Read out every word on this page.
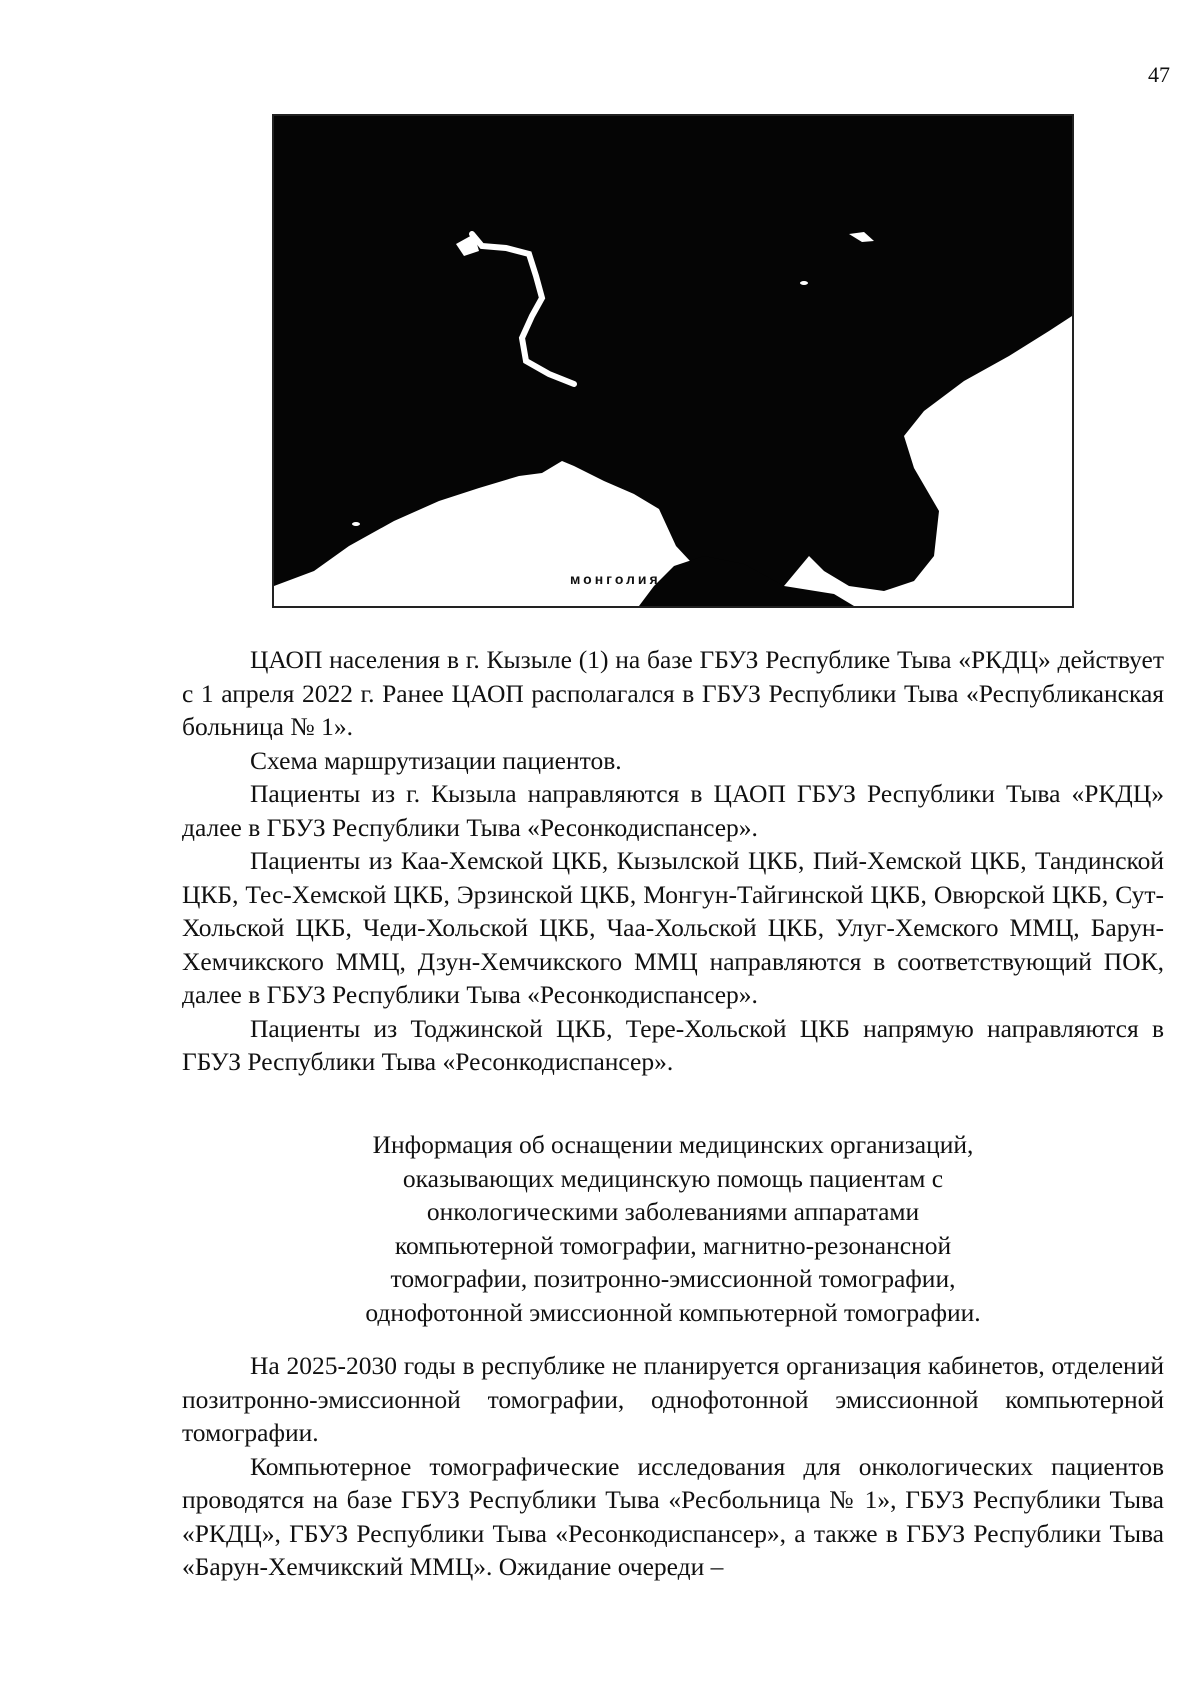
47
монголия

ЦАОП населения в г. Кызыле (1) на базе ГБУЗ Республике Тыва «РКДЦ» действует с 1 апреля 2022 г. Ранее ЦАОП располагался в ГБУЗ Республики Тыва «Республиканская больница № 1».

Схема маршрутизации пациентов.

Пациенты из г. Кызыла направляются в ЦАОП ГБУЗ Республики Тыва «РКДЦ» далее в ГБУЗ Республики Тыва «Ресонкодиспансер».

Пациенты из Каа-Хемской ЦКБ, Кызылской ЦКБ, Пий-Хемской ЦКБ, Тандинской ЦКБ, Тес-Хемской ЦКБ, Эрзинской ЦКБ, Монгун-Тайгинской ЦКБ, Овюрской ЦКБ, Сут-Хольской ЦКБ, Чеди-Хольской ЦКБ, Чаа-Хольской ЦКБ, Улуг-Хемского ММЦ, Барун-Хемчикского ММЦ, Дзун-Хемчикского ММЦ направляются в соответствующий ПОК, далее в ГБУЗ Республики Тыва «Ресонкодиспансер».

Пациенты из Тоджинской ЦКБ, Тере-Хольской ЦКБ напрямую направляются в ГБУЗ Республики Тыва «Ресонкодиспансер».

Информация об оснащении медицинских организаций,
оказывающих медицинскую помощь пациентам с
онкологическими заболеваниями аппаратами
компьютерной томографии, магнитно-резонансной
томографии, позитронно-эмиссионной томографии,
однофотонной эмиссионной компьютерной томографии.

На 2025-2030 годы в республике не планируется организация кабинетов, отделений позитронно-эмиссионной томографии, однофотонной эмиссионной компьютерной томографии.

Компьютерное томографические исследования для онкологических пациентов проводятся на базе ГБУЗ Республики Тыва «Ресбольница № 1», ГБУЗ Республики Тыва «РКДЦ», ГБУЗ Республики Тыва «Ресонкодиспансер», а также в ГБУЗ Республики Тыва «Барун-Хемчикский ММЦ». Ожидание очереди –
